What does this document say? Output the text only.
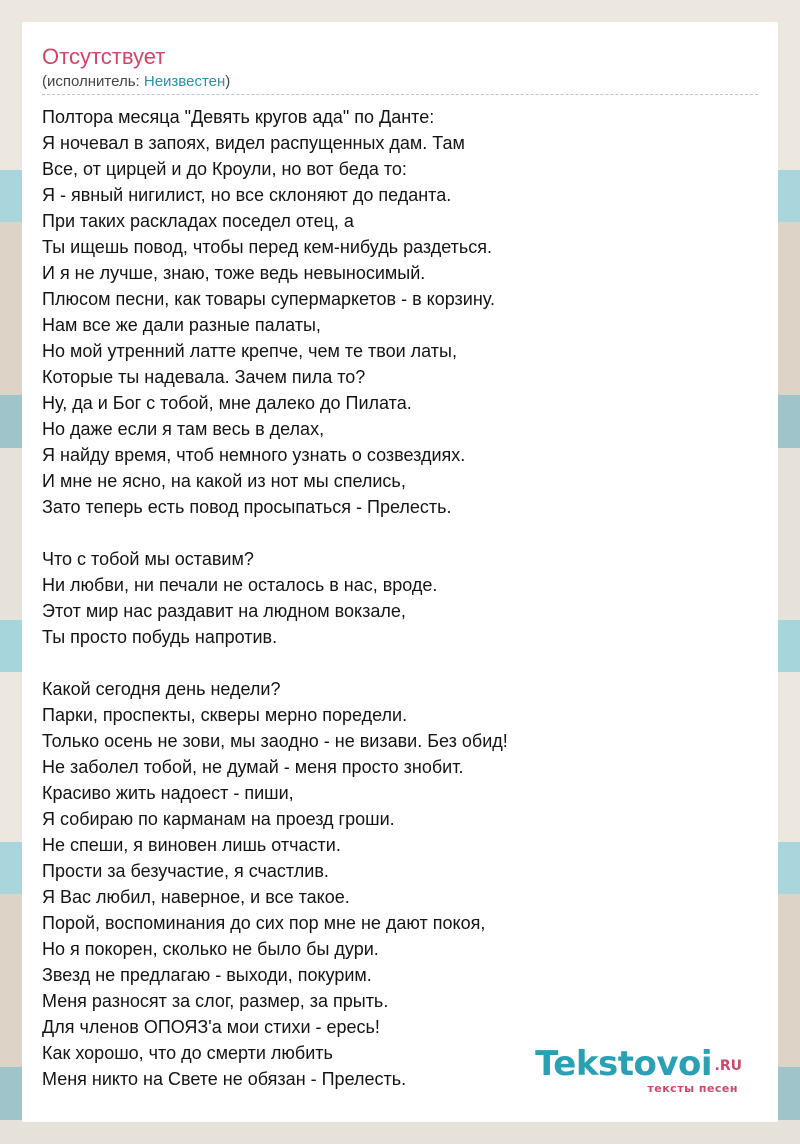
Отсутствует
(исполнитель: Неизвестен)
Полтора месяца "Девять кругов ада" по Данте:
Я ночевал в запоях, видел распущенных дам. Там
Все, от цирцей и до Кроули, но вот беда то:
Я - явный нигилист, но все склоняют до педанта.
При таких раскладах поседел отец, а
Ты ищешь повод, чтобы перед кем-нибудь раздеться.
И я не лучше, знаю, тоже ведь невыносимый.
Плюсом песни, как товары супермаркетов - в корзину.
Нам все же дали разные палаты,
Но мой утренний латте крепче, чем те твои латы,
Которые ты надевала. Зачем пила то?
Ну, да и Бог с тобой, мне далеко до Пилата.
Но даже если я там весь в делах,
Я найду время, чтоб немного узнать о созвездиях.
И мне не ясно, на какой из нот мы спелись,
Зато теперь есть повод просыпаться - Прелесть.
Что с тобой мы оставим?
Ни любви, ни печали не осталось в нас, вроде.
Этот мир нас раздавит на людном вокзале,
Ты просто побудь напротив.
Какой сегодня день недели?
Парки, проспекты, скверы мерно поредели.
Только осень не зови, мы заодно - не визави. Без обид!
Не заболел тобой, не думай - меня просто знобит.
Красиво жить надоест - пиши,
Я собираю по карманам на проезд гроши.
Не спеши, я виновен лишь отчасти.
Прости за безучастие, я счастлив.
Я Вас любил, наверное, и все такое.
Порой, воспоминания до сих пор мне не дают покоя,
Но я покорен, сколько не было бы дури.
Звезд не предлагаю - выходи, покурим.
Меня разносят за слог, размер, за прыть.
Для членов ОПОЯЗ'а мои стихи - ересь!
Как хорошо, что до смерти любить
Меня никто на Свете не обязан - Прелесть.	Tekstovoi .RU
тексты песен
